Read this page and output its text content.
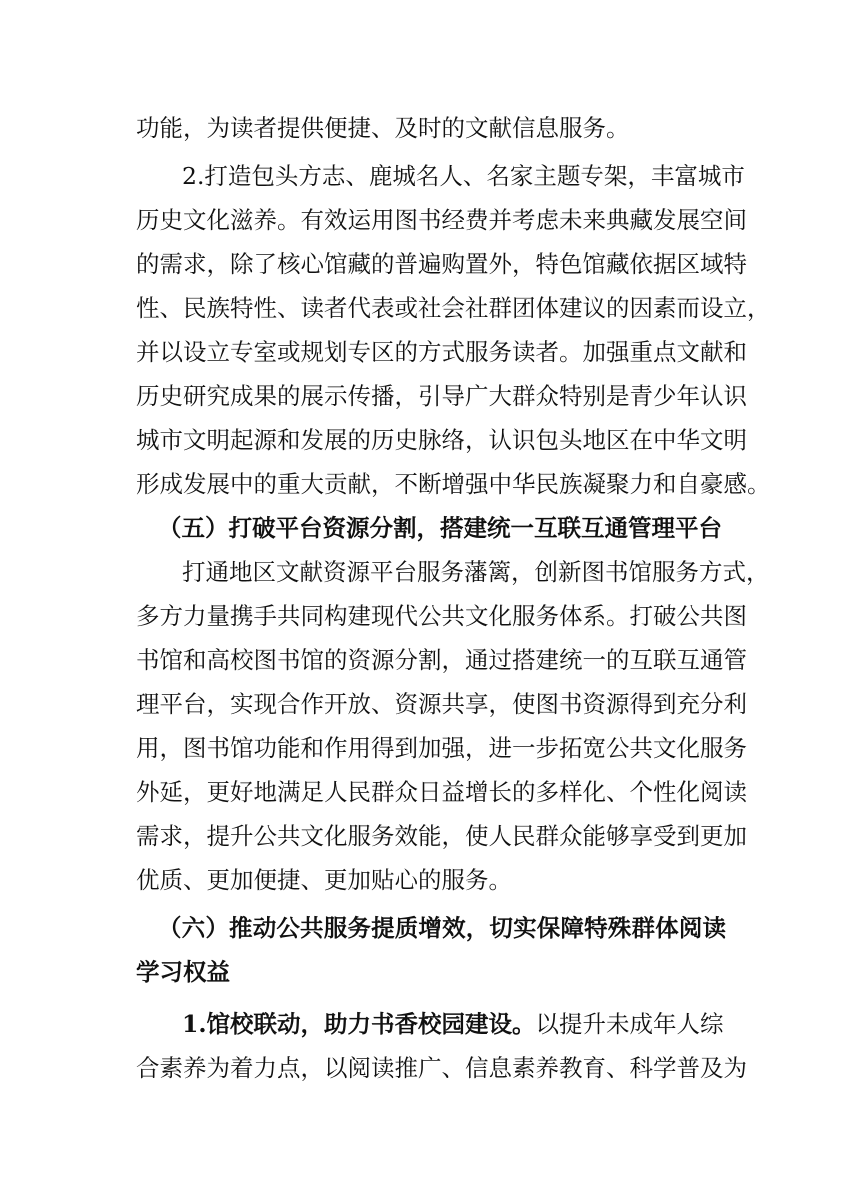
功能，为读者提供便捷、及时的文献信息服务。
2.打造包头方志、鹿城名人、名家主题专架，丰富城市
历史文化滋养。有效运用图书经费并考虑未来典藏发展空间
的需求，除了核心馆藏的普遍购置外，特色馆藏依据区域特
性、民族特性、读者代表或社会社群团体建议的因素而设立，
并以设立专室或规划专区的方式服务读者。加强重点文献和
历史研究成果的展示传播，引导广大群众特别是青少年认识
城市文明起源和发展的历史脉络，认识包头地区在中华文明
形成发展中的重大贡献，不断增强中华民族凝聚力和自豪感。
（五）打破平台资源分割，搭建统一互联互通管理平台
打通地区文献资源平台服务藩篱，创新图书馆服务方式，
多方力量携手共同构建现代公共文化服务体系。打破公共图
书馆和高校图书馆的资源分割，通过搭建统一的互联互通管
理平台，实现合作开放、资源共享，使图书资源得到充分利
用，图书馆功能和作用得到加强，进一步拓宽公共文化服务
外延，更好地满足人民群众日益增长的多样化、个性化阅读
需求，提升公共文化服务效能，使人民群众能够享受到更加
优质、更加便捷、更加贴心的服务。
（六）推动公共服务提质增效，切实保障特殊群体阅读
学习权益
1.馆校联动，助力书香校园建设。以提升未成年人综
合素养为着力点，以阅读推广、信息素养教育、科学普及为
